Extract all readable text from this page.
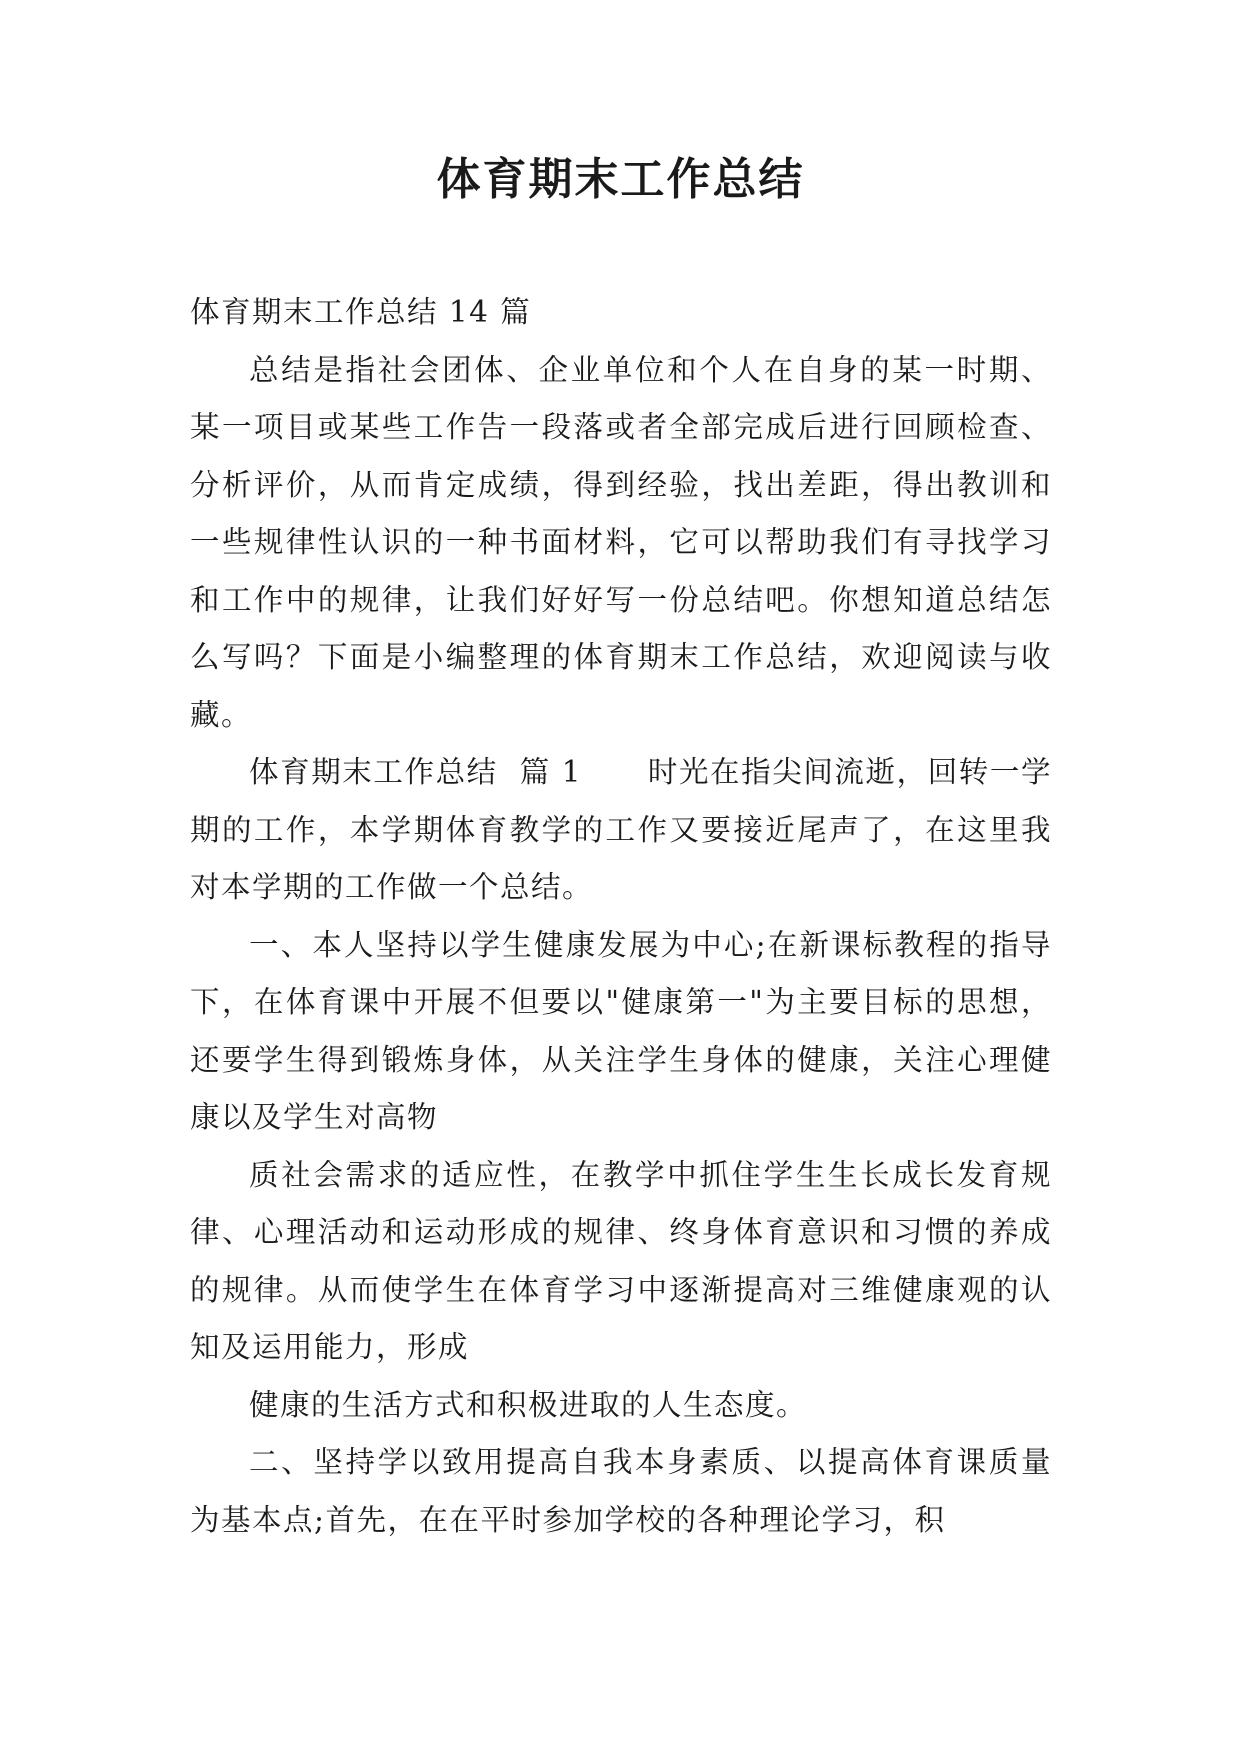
体育期末工作总结

体育期末工作总结 14 篇

总结是指社会团体、企业单位和个人在自身的某一时期、某一项目或某些工作告一段落或者全部完成后进行回顾检查、分析评价，从而肯定成绩，得到经验，找出差距，得出教训和一些规律性认识的一种书面材料，它可以帮助我们有寻找学习和工作中的规律，让我们好好写一份总结吧。你想知道总结怎么写吗？下面是小编整理的体育期末工作总结，欢迎阅读与收藏。

体育期末工作总结  篇 1      时光在指尖间流逝，回转一学期的工作，本学期体育教学的工作又要接近尾声了，在这里我对本学期的工作做一个总结。

一、本人坚持以学生健康发展为中心;在新课标教程的指导下，在体育课中开展不但要以"健康第一"为主要目标的思想，还要学生得到锻炼身体，从关注学生身体的健康，关注心理健康以及学生对高物

质社会需求的适应性，在教学中抓住学生生长成长发育规律、心理活动和运动形成的规律、终身体育意识和习惯的养成的规律。从而使学生在体育学习中逐渐提高对三维健康观的认知及运用能力，形成

健康的生活方式和积极进取的人生态度。

二、坚持学以致用提高自我本身素质、以提高体育课质量为基本点;首先，在在平时参加学校的各种理论学习，积
